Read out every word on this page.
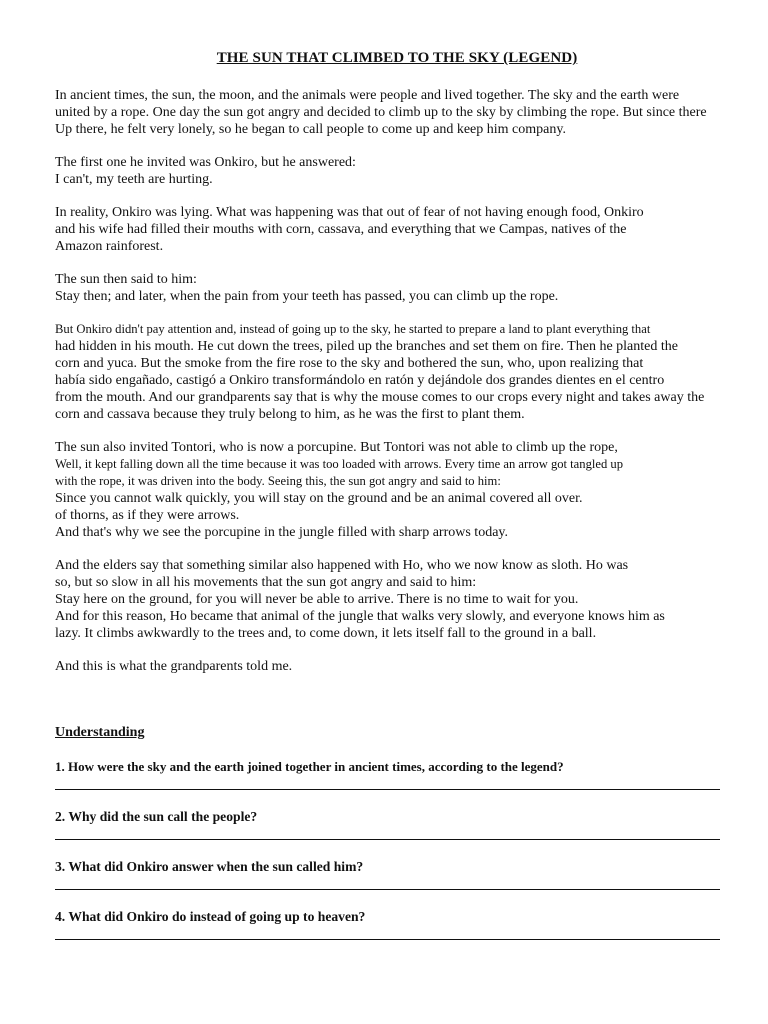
THE SUN THAT CLIMBED TO THE SKY (LEGEND)

In ancient times, the sun, the moon, and the animals were people and lived together. The sky and the earth were
united by a rope. One day the sun got angry and decided to climb up to the sky by climbing the rope. But since there
Up there, he felt very lonely, so he began to call people to come up and keep him company.

The first one he invited was Onkiro, but he answered:
I can't, my teeth are hurting.

In reality, Onkiro was lying. What was happening was that out of fear of not having enough food, Onkiro
and his wife had filled their mouths with corn, cassava, and everything that we Campas, natives of the
Amazon rainforest.

The sun then said to him:
Stay then; and later, when the pain from your teeth has passed, you can climb up the rope.

But Onkiro didn't pay attention and, instead of going up to the sky, he started to prepare a land to plant everything that
had hidden in his mouth. He cut down the trees, piled up the branches and set them on fire. Then he planted the
corn and yuca. But the smoke from the fire rose to the sky and bothered the sun, who, upon realizing that
había sido engañado, castigó a Onkiro transformándolo en ratón y dejándole dos grandes dientes en el centro
from the mouth. And our grandparents say that is why the mouse comes to our crops every night and takes away the
corn and cassava because they truly belong to him, as he was the first to plant them.

The sun also invited Tontori, who is now a porcupine. But Tontori was not able to climb up the rope,
Well, it kept falling down all the time because it was too loaded with arrows. Every time an arrow got tangled up
with the rope, it was driven into the body. Seeing this, the sun got angry and said to him:
Since you cannot walk quickly, you will stay on the ground and be an animal covered all over.
of thorns, as if they were arrows.
And that's why we see the porcupine in the jungle filled with sharp arrows today.

And the elders say that something similar also happened with Ho, who we now know as sloth. Ho was
so, but so slow in all his movements that the sun got angry and said to him:
Stay here on the ground, for you will never be able to arrive. There is no time to wait for you.
And for this reason, Ho became that animal of the jungle that walks very slowly, and everyone knows him as
lazy. It climbs awkwardly to the trees and, to come down, it lets itself fall to the ground in a ball.

And this is what the grandparents told me.

Understanding
1. How were the sky and the earth joined together in ancient times, according to the legend?
2. Why did the sun call the people?
3. What did Onkiro answer when the sun called him?
4. What did Onkiro do instead of going up to heaven?
